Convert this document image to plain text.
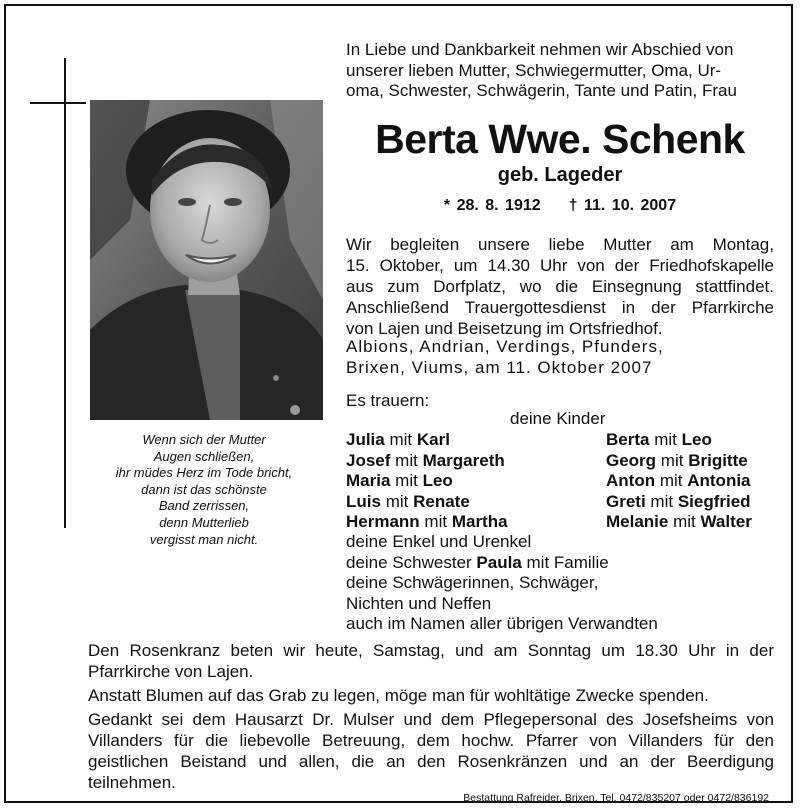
Wenn sich der Mutter
Augen schließen,
ihr müdes Herz im Tode bricht,
dann ist das schönste
Band zerrissen,
denn Mutterlieb
vergisst man nicht.
In Liebe und Dankbarkeit nehmen wir Abschied von
unserer lieben Mutter, Schwiegermutter, Oma, Ur-
oma, Schwester, Schwägerin, Tante und Patin, Frau
Berta Wwe. Schenk
geb. Lageder
* 28. 8. 1912 † 11. 10. 2007
Wir begleiten unsere liebe Mutter am Montag,
15. Oktober, um 14.30 Uhr von der Friedhofskapelle
aus zum Dorfplatz, wo die Einsegnung stattfindet.
Anschließend Trauergottesdienst in der Pfarrkirche
von Lajen und Beisetzung im Ortsfriedhof.
Albions, Andrian, Verdings, Pfunders,
Brixen, Viums, am 11. Oktober 2007
Es trauern:
deine Kinder
Julia mit Karl
Josef mit Margareth
Maria mit Leo
Luis mit Renate
Hermann mit Martha
Berta mit Leo
Georg mit Brigitte
Anton mit Antonia
Greti mit Siegfried
Melanie mit Walter
deine Enkel und Urenkel
deine Schwester Paula mit Familie
deine Schwägerinnen, Schwäger,
Nichten und Neffen
auch im Namen aller übrigen Verwandten
Den Rosenkranz beten wir heute, Samstag, und am Sonntag um 18.30 Uhr in der
Pfarrkirche von Lajen.
Anstatt Blumen auf das Grab zu legen, möge man für wohltätige Zwecke spenden.
Gedankt sei dem Hausarzt Dr. Mulser und dem Pflegepersonal des Josefsheims von
Villanders für die liebevolle Betreuung, dem hochw. Pfarrer von Villanders für den
geistlichen Beistand und allen, die an den Rosenkränzen und an der Beerdigung
teilnehmen.
Bestattung Rafreider, Brixen, Tel. 0472/835207 oder 0472/836192
